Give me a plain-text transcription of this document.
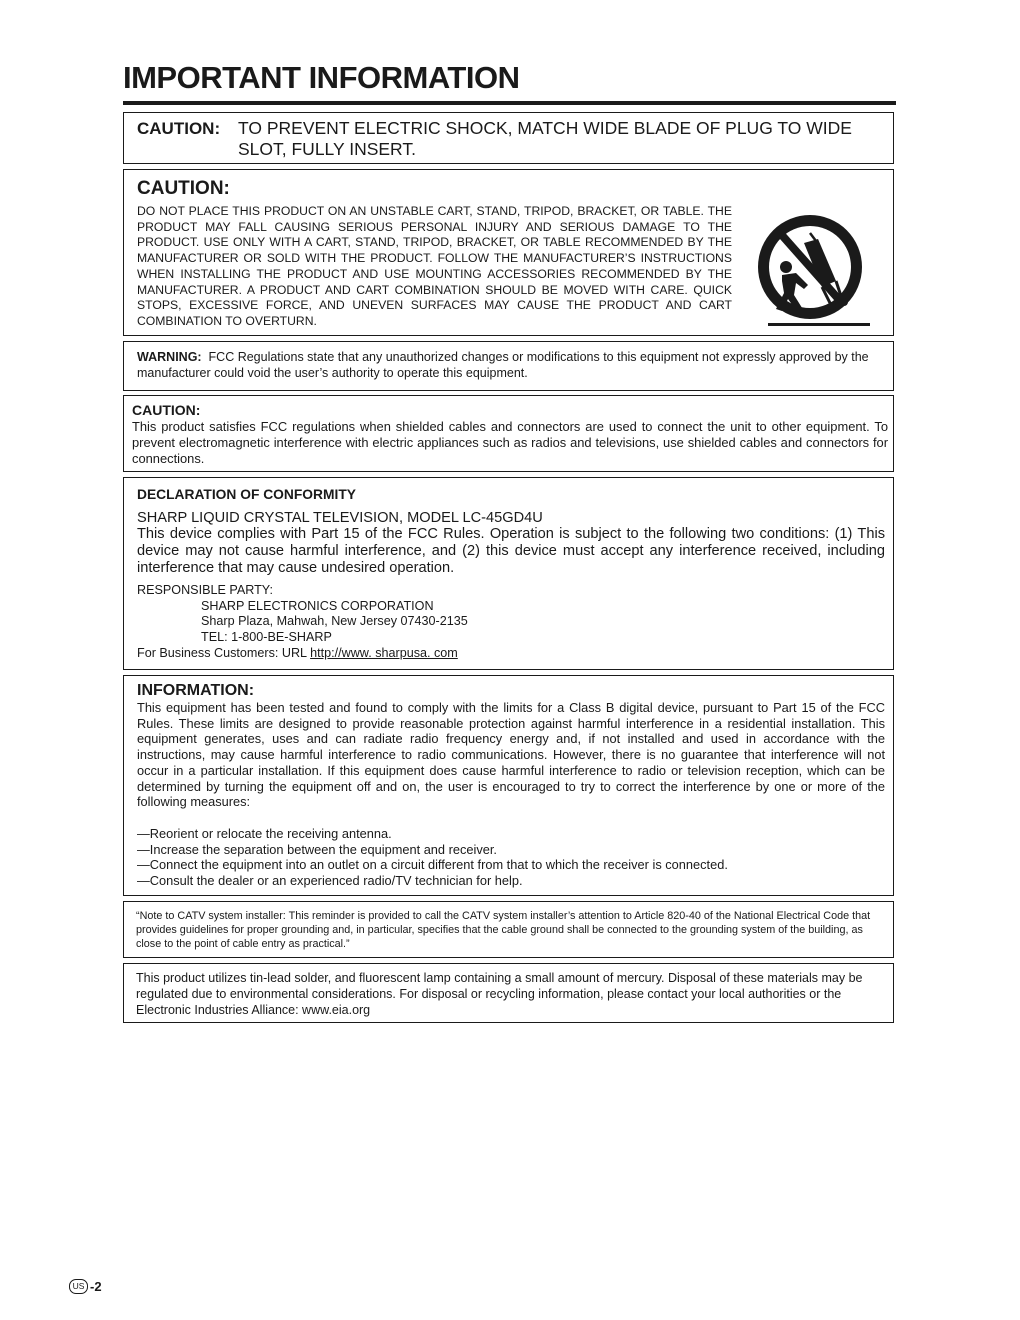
IMPORTANT INFORMATION
CAUTION: TO PREVENT ELECTRIC SHOCK, MATCH WIDE BLADE OF PLUG TO WIDE SLOT, FULLY INSERT.
CAUTION:
DO NOT PLACE THIS PRODUCT ON AN UNSTABLE CART, STAND, TRIPOD, BRACKET, OR TABLE. THE PRODUCT MAY FALL CAUSING SERIOUS PERSONAL INJURY AND SERIOUS DAMAGE TO THE PRODUCT. USE ONLY WITH A CART, STAND, TRIPOD, BRACKET, OR TABLE RECOMMENDED BY THE MANUFACTURER OR SOLD WITH THE PRODUCT. FOLLOW THE MANUFACTURER’S INSTRUCTIONS WHEN INSTALLING THE PRODUCT AND USE MOUNTING ACCESSORIES RECOMMENDED BY THE MANUFACTURER. A PRODUCT AND CART COMBINATION SHOULD BE MOVED WITH CARE. QUICK STOPS, EXCESSIVE FORCE, AND UNEVEN SURFACES MAY CAUSE THE PRODUCT AND CART COMBINATION TO OVERTURN.
WARNING: FCC Regulations state that any unauthorized changes or modifications to this equipment not expressly approved by the manufacturer could void the user’s authority to operate this equipment.
CAUTION:
This product satisfies FCC regulations when shielded cables and connectors are used to connect the unit to other equipment. To prevent electromagnetic interference with electric appliances such as radios and televisions, use shielded cables and connectors for connections.
DECLARATION OF CONFORMITY
SHARP LIQUID CRYSTAL TELEVISION, MODEL LC-45GD4U
This device complies with Part 15 of the FCC Rules. Operation is subject to the following two conditions: (1) This device may not cause harmful interference, and (2) this device must accept any interference received, including interference that may cause undesired operation.
RESPONSIBLE PARTY:
SHARP ELECTRONICS CORPORATION
Sharp Plaza, Mahwah, New Jersey 07430-2135
TEL: 1-800-BE-SHARP
For Business Customers: URL http://www. sharpusa. com
INFORMATION:
This equipment has been tested and found to comply with the limits for a Class B digital device, pursuant to Part 15 of the FCC Rules. These limits are designed to provide reasonable protection against harmful interference in a residential installation. This equipment generates, uses and can radiate radio frequency energy and, if not installed and used in accordance with the instructions, may cause harmful interference to radio communications. However, there is no guarantee that interference will not occur in a particular installation. If this equipment does cause harmful interference to radio or television reception, which can be determined by turning the equipment off and on, the user is encouraged to try to correct the interference by one or more of the following measures:
—Reorient or relocate the receiving antenna.
—Increase the separation between the equipment and receiver.
—Connect the equipment into an outlet on a circuit different from that to which the receiver is connected.
—Consult the dealer or an experienced radio/TV technician for help.
“Note to CATV system installer: This reminder is provided to call the CATV system installer’s attention to Article 820-40 of the National Electrical Code that provides guidelines for proper grounding and, in particular, specifies that the cable ground shall be connected to the grounding system of the building, as close to the point of cable entry as practical.”
This product utilizes tin-lead solder, and fluorescent lamp containing a small amount of mercury. Disposal of these materials may be regulated due to environmental considerations. For disposal or recycling information, please contact your local authorities or the Electronic Industries Alliance: www.eia.org
US -2
